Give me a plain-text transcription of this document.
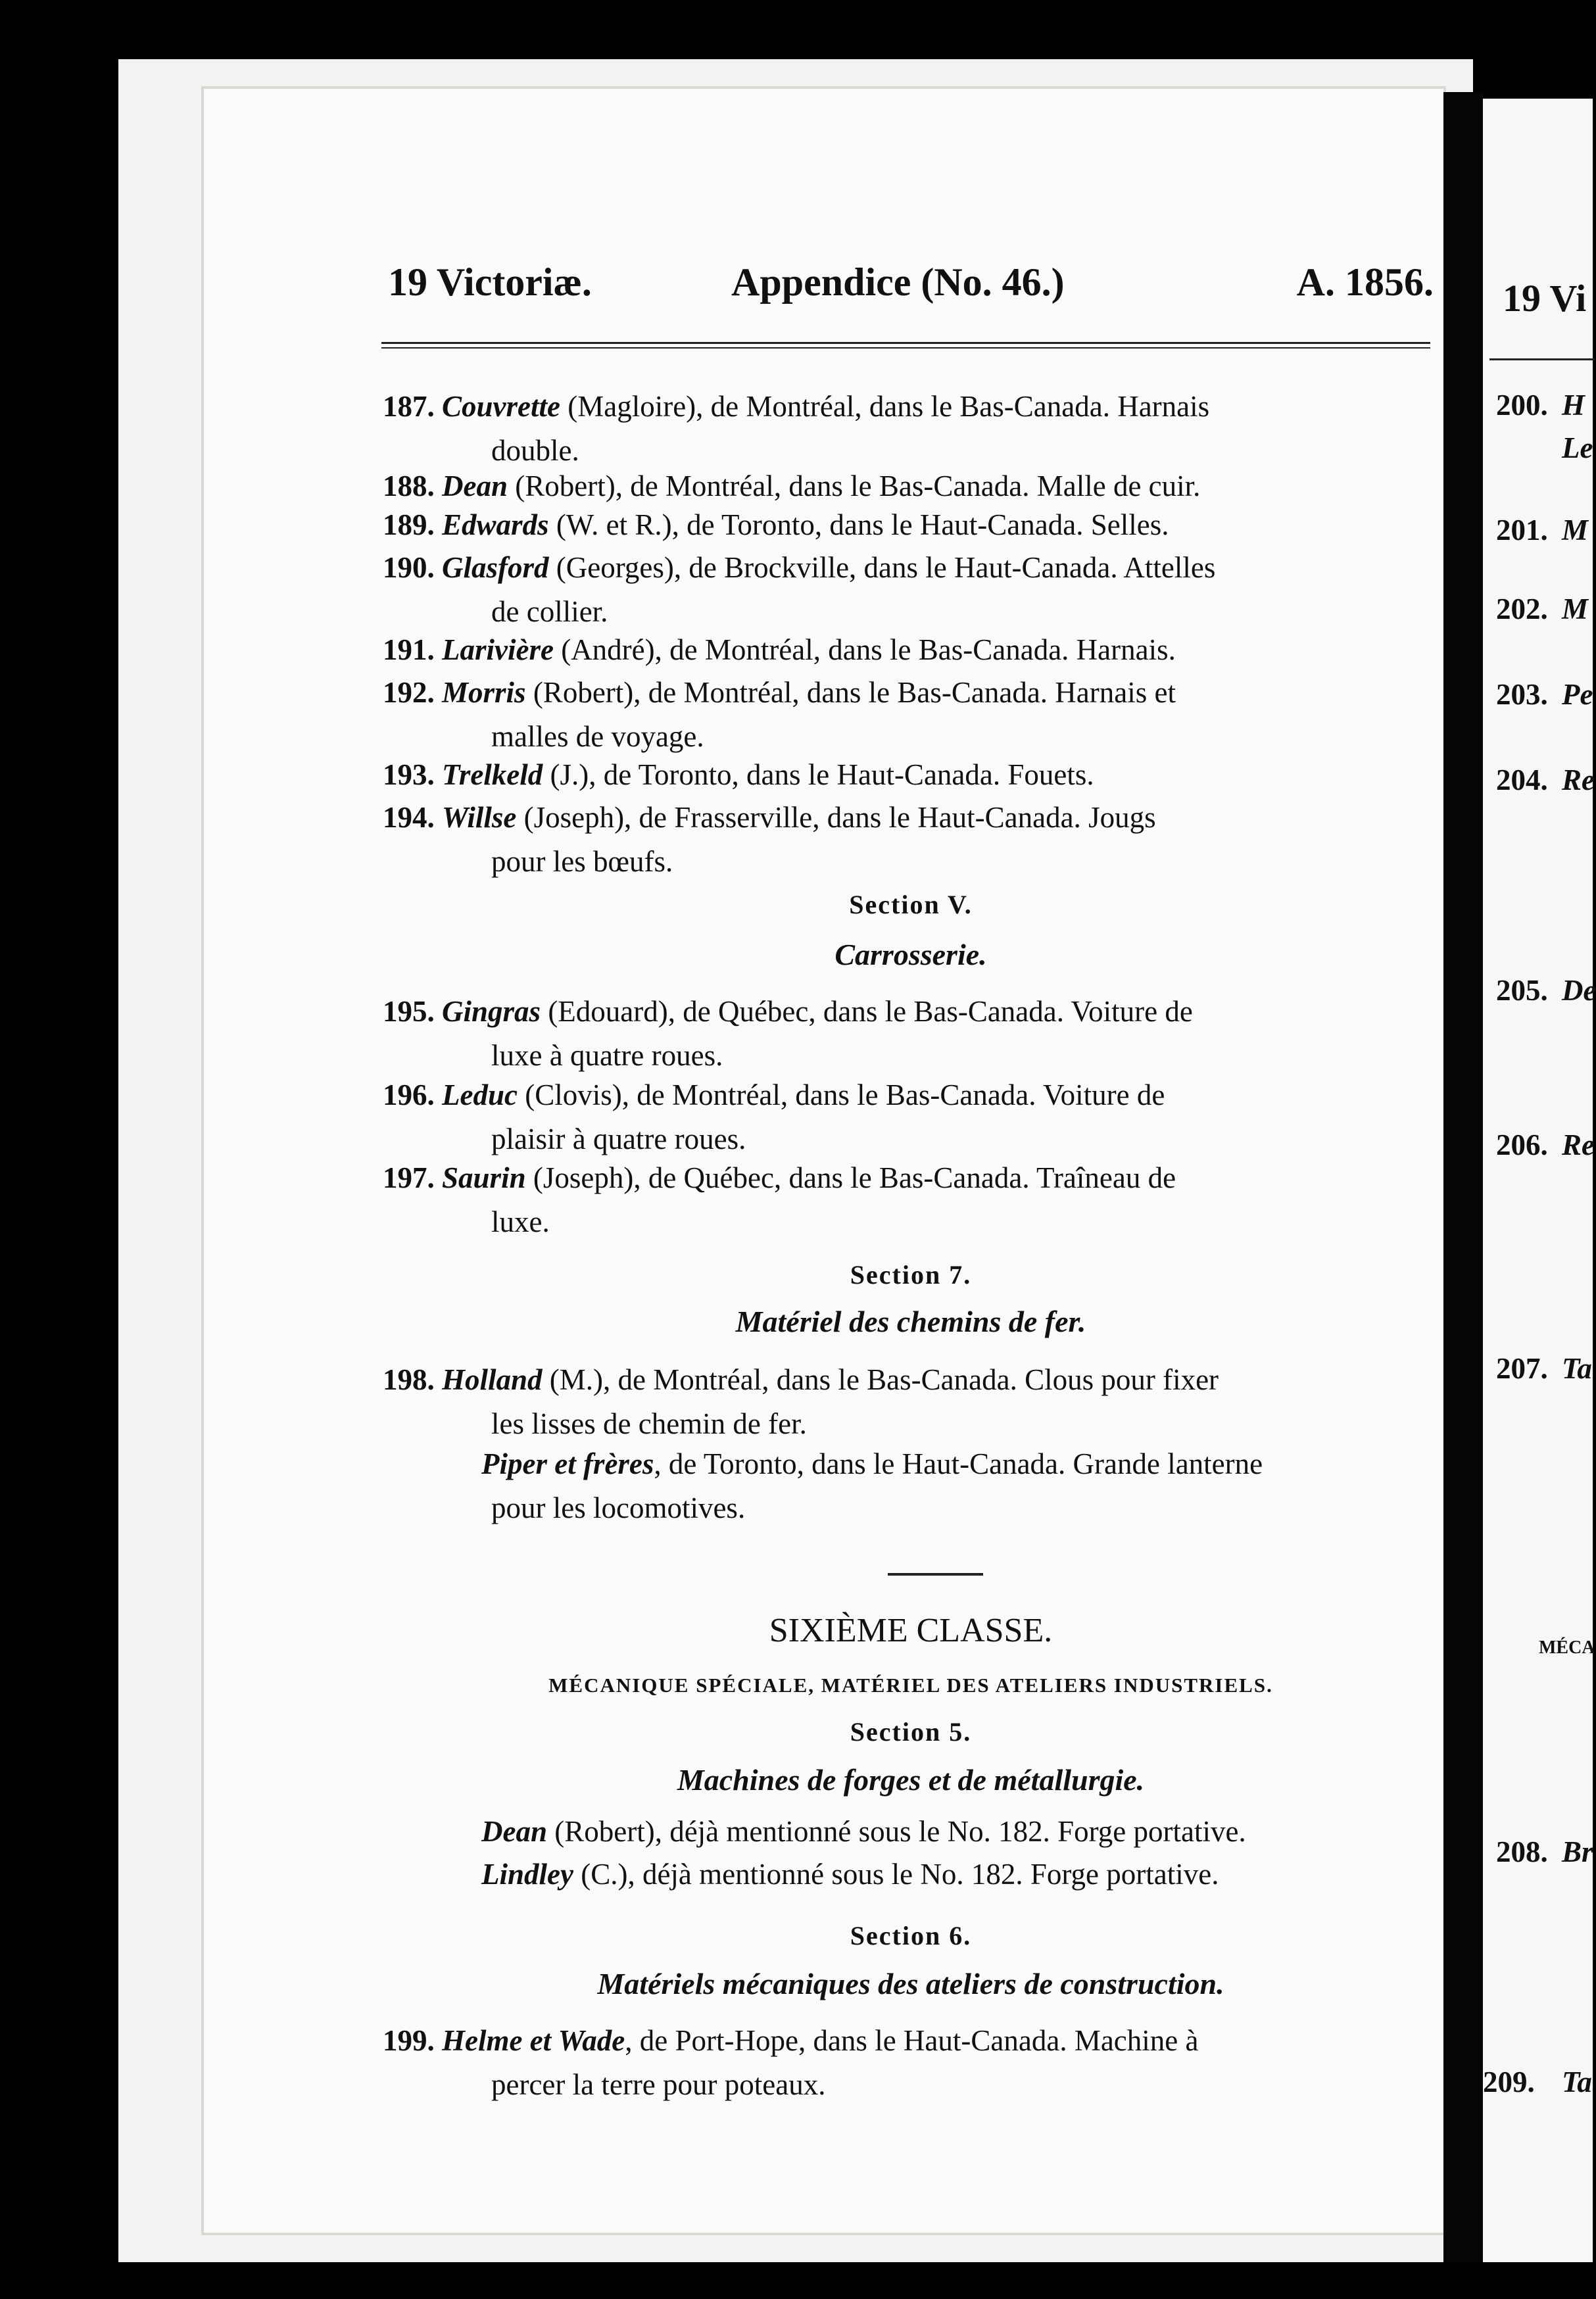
19 Vi
200. H
Le
201. M
202. M
203. Pe
204. Re
205. De
206. Re
207. Ta
MÉCA
208. Br
209. Ta
19 Victoriæ.	Appendice (No. 46.)	A. 1856.
187. Couvrette (Magloire), de Montréal, dans le Bas-Canada. Harnais
double.
188. Dean (Robert), de Montréal, dans le Bas-Canada. Malle de cuir.
189. Edwards (W. et R.), de Toronto, dans le Haut-Canada. Selles.
190. Glasford (Georges), de Brockville, dans le Haut-Canada. Attelles
de collier.
191. Larivière (André), de Montréal, dans le Bas-Canada. Harnais.
192. Morris (Robert), de Montréal, dans le Bas-Canada. Harnais et
malles de voyage.
193. Trelkeld (J.), de Toronto, dans le Haut-Canada. Fouets.
194. Willse (Joseph), de Frasserville, dans le Haut-Canada. Jougs
pour les bœufs.
Section V.
Carrosserie.
195. Gingras (Edouard), de Québec, dans le Bas-Canada. Voiture de
luxe à quatre roues.
196. Leduc (Clovis), de Montréal, dans le Bas-Canada. Voiture de
plaisir à quatre roues.
197. Saurin (Joseph), de Québec, dans le Bas-Canada. Traîneau de
luxe.
Section 7.
Matériel des chemins de fer.
198. Holland (M.), de Montréal, dans le Bas-Canada. Clous pour fixer
les lisses de chemin de fer.
Piper et frères, de Toronto, dans le Haut-Canada. Grande lanterne
pour les locomotives.
SIXIÈME CLASSE.
MÉCANIQUE SPÉCIALE, MATÉRIEL DES ATELIERS INDUSTRIELS.
Section 5.
Machines de forges et de métallurgie.
Dean (Robert), déjà mentionné sous le No. 182. Forge portative.
Lindley (C.), déjà mentionné sous le No. 182. Forge portative.
Section 6.
Matériels mécaniques des ateliers de construction.
199. Helme et Wade, de Port-Hope, dans le Haut-Canada. Machine à
percer la terre pour poteaux.
